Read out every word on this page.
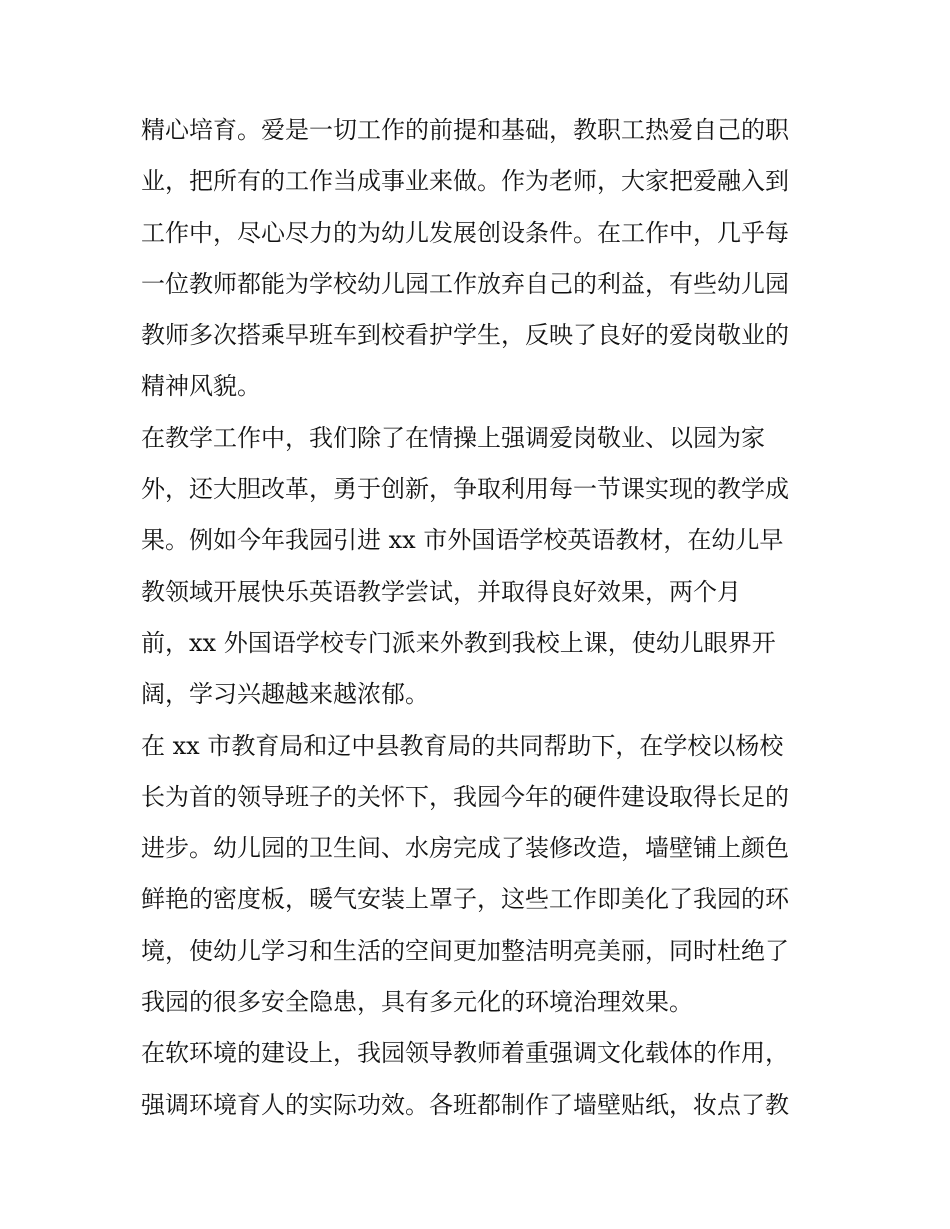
精心培育。爱是一切工作的前提和基础，教职工热爱自己的职
业，把所有的工作当成事业来做。作为老师，大家把爱融入到
工作中，尽心尽力的为幼儿发展创设条件。在工作中，几乎每
一位教师都能为学校幼儿园工作放弃自己的利益，有些幼儿园
教师多次搭乘早班车到校看护学生，反映了良好的爱岗敬业的
精神风貌。
在教学工作中，我们除了在情操上强调爱岗敬业、以园为家
外，还大胆改革，勇于创新，争取利用每一节课实现的教学成
果。例如今年我园引进 xx 市外国语学校英语教材，在幼儿早
教领域开展快乐英语教学尝试，并取得良好效果，两个月
前，xx 外国语学校专门派来外教到我校上课，使幼儿眼界开
阔，学习兴趣越来越浓郁。
在 xx 市教育局和辽中县教育局的共同帮助下，在学校以杨校
长为首的领导班子的关怀下，我园今年的硬件建设取得长足的
进步。幼儿园的卫生间、水房完成了装修改造，墙壁铺上颜色
鲜艳的密度板，暖气安装上罩子，这些工作即美化了我园的环
境，使幼儿学习和生活的空间更加整洁明亮美丽，同时杜绝了
我园的很多安全隐患，具有多元化的环境治理效果。
在软环境的建设上，我园领导教师着重强调文化载体的作用，
强调环境育人的实际功效。各班都制作了墙壁贴纸，妆点了教
